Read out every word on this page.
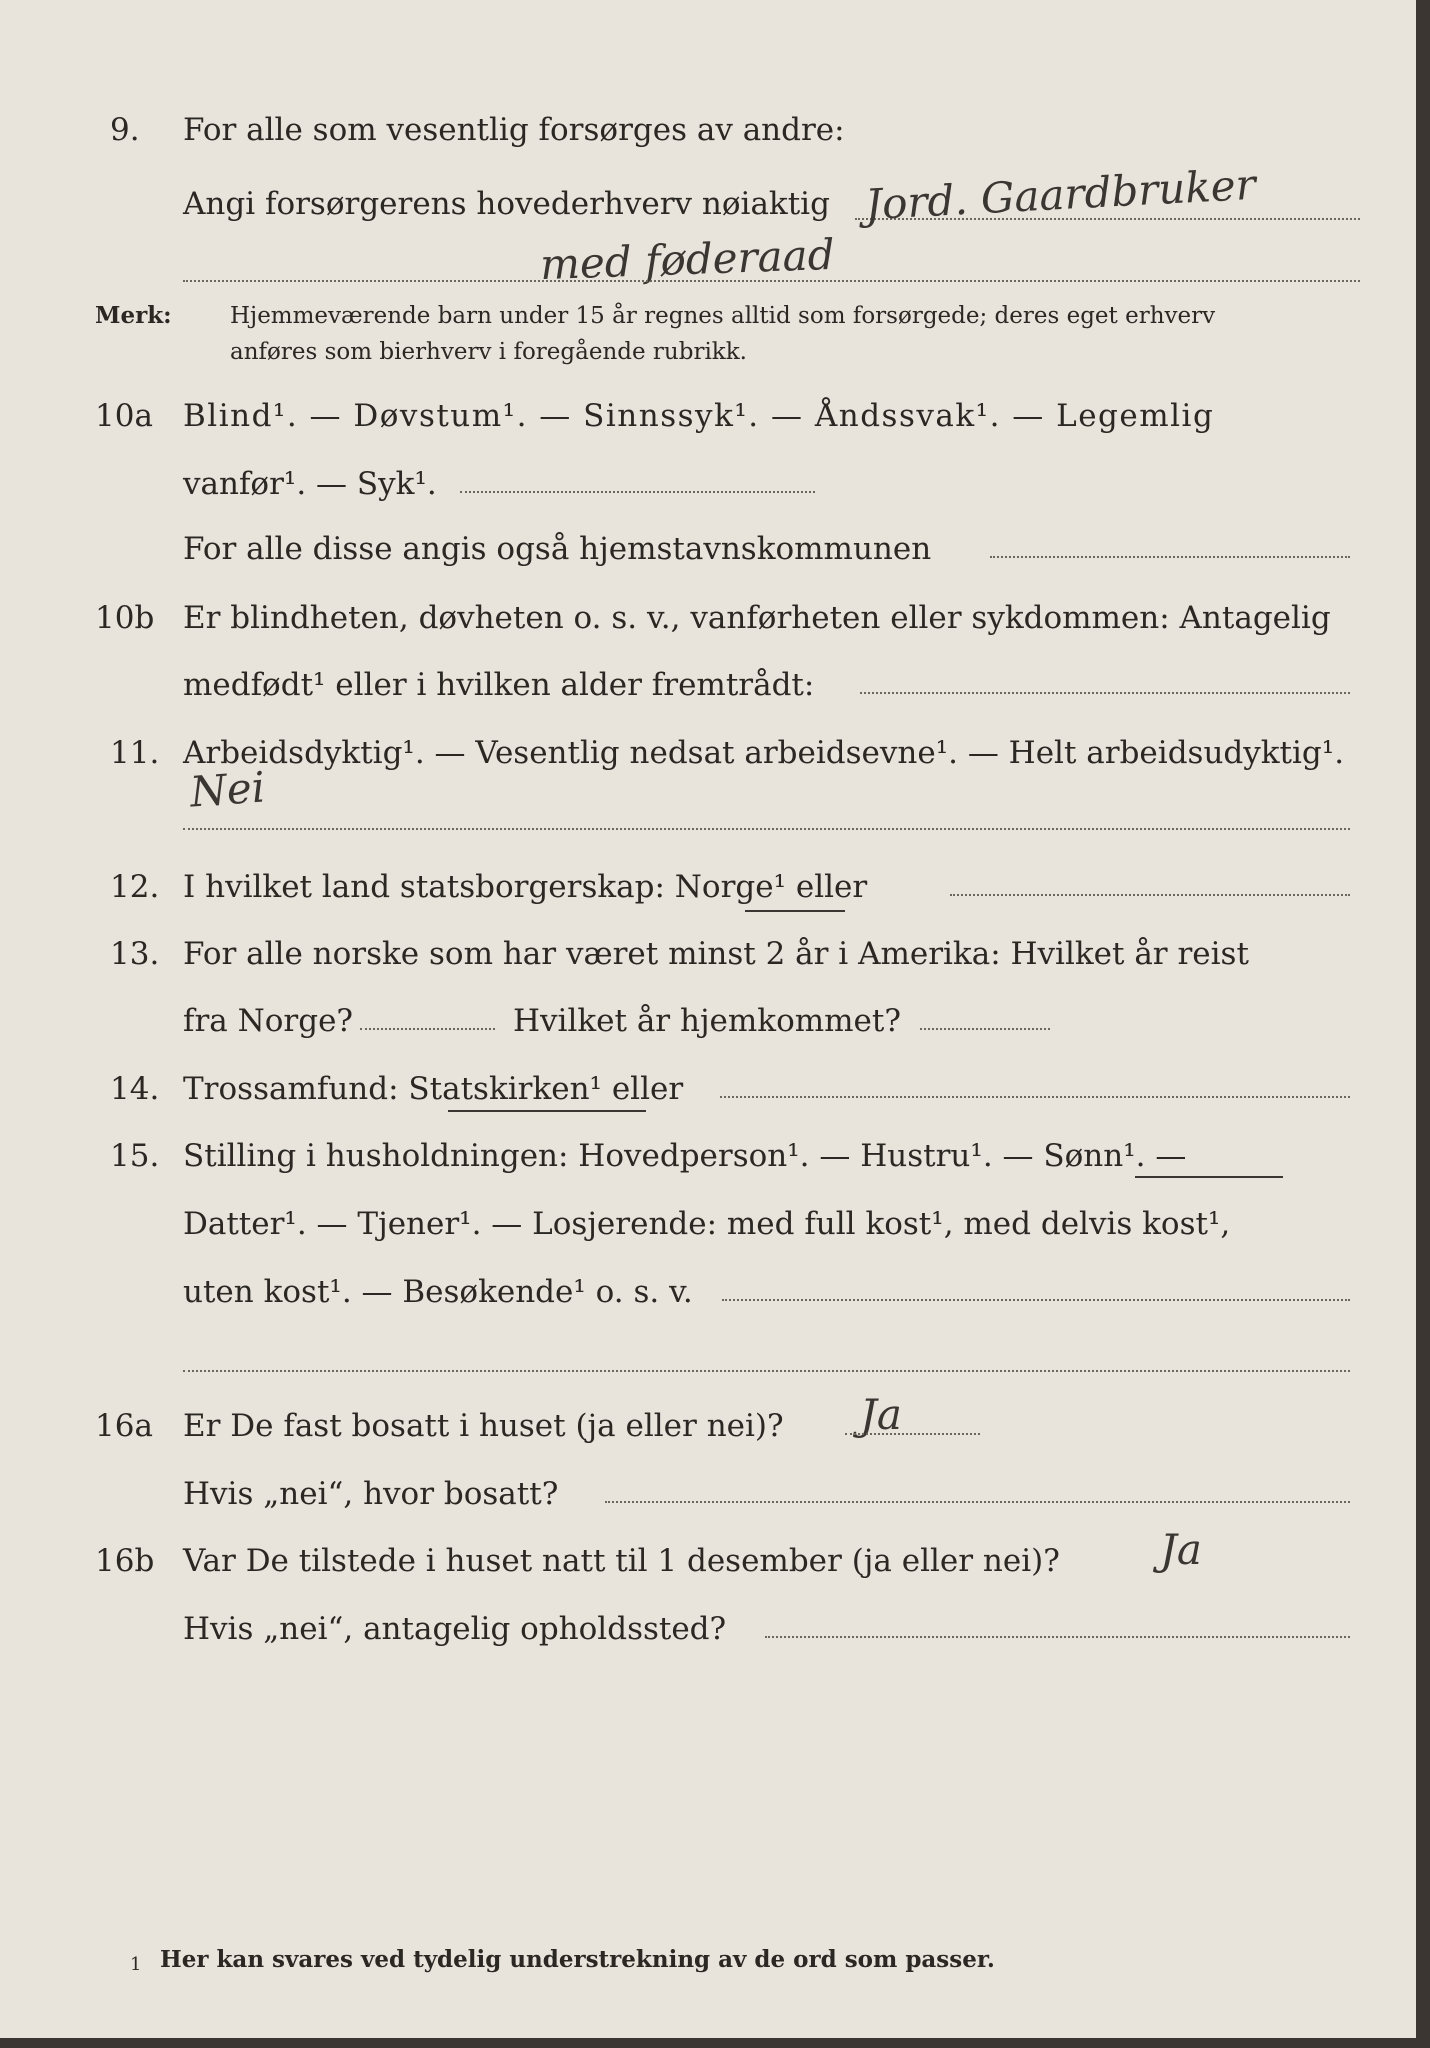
9. For alle som vesentlig forsørges av andre:
Angi forsørgerens hovederhverv nøiaktig Jord. Gaardbruker
med føderaad
Merk:	Hjemmeværende barn under 15 år regnes alltid som forsørgede; deres eget erhverv
anføres som bierhverv i foregående rubrikk.
10a Blind¹. — Døvstum¹. — Sinnssyk¹. — Åndssvak¹. — Legemlig
vanfør¹. — Syk¹.
For alle disse angis også hjemstavnskommunen
10b Er blindheten, døvheten o. s. v., vanførheten eller sykdommen: Antagelig
medfødt¹ eller i hvilken alder fremtrådt:
11. Arbeidsdyktig¹. — Vesentlig nedsat arbeidsevne¹. — Helt arbeidsudyktig¹.
Nei
12. I hvilket land statsborgerskap: Norge¹ eller
13. For alle norske som har været minst 2 år i Amerika: Hvilket år reist
fra Norge?	Hvilket år hjemkommet?
14. Trossamfund: Statskirken¹ eller
15. Stilling i husholdningen: Hovedperson¹. — Hustru¹. — Sønn¹. —
Datter¹. — Tjener¹. — Losjerende: med full kost¹, med delvis kost¹,
uten kost¹. — Besøkende¹ o. s. v.
16a Er De fast bosatt i huset (ja eller nei)? Ja
Hvis „nei“, hvor bosatt?
16b Var De tilstede i huset natt til 1 desember (ja eller nei)? Ja
Hvis „nei“, antagelig opholdssted?
1 Her kan svares ved tydelig understrekning av de ord som passer.
